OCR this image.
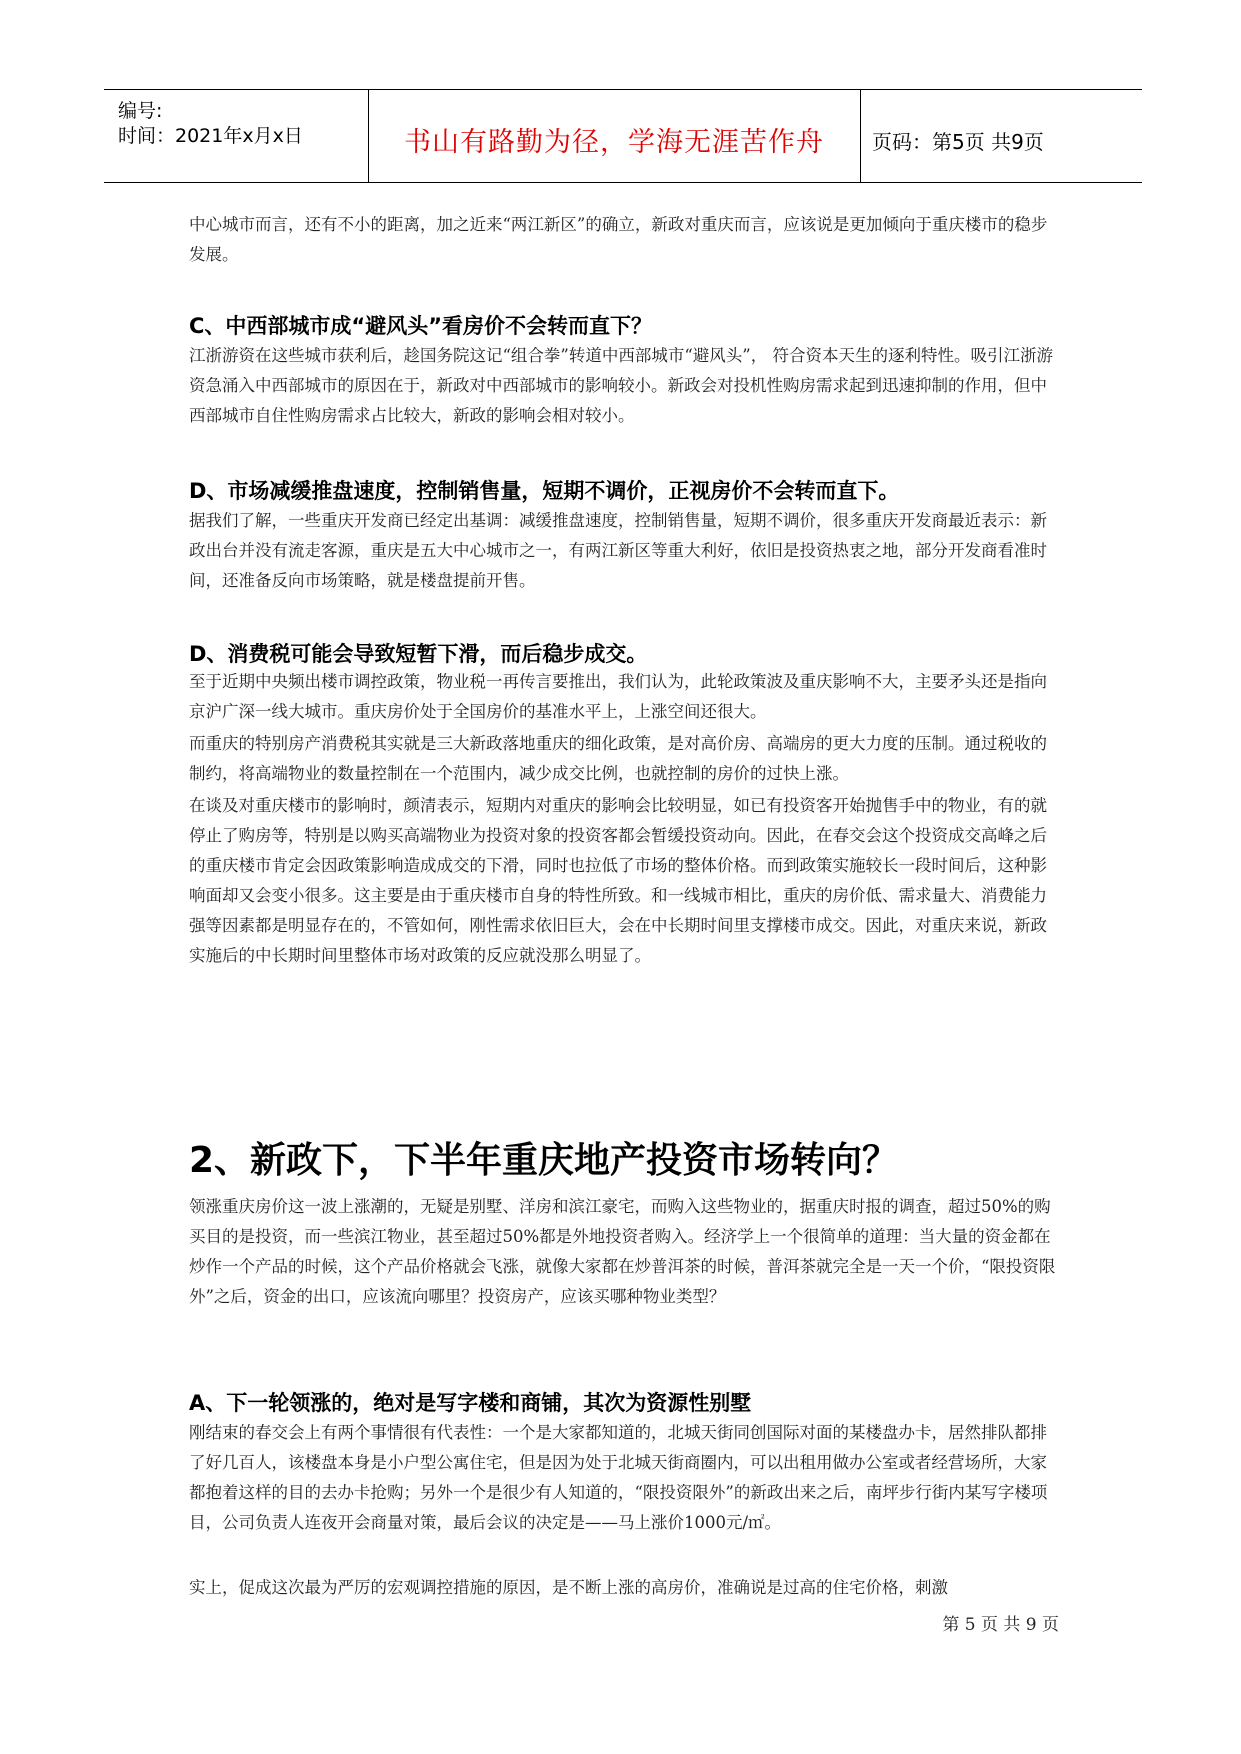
编号:
时间：2021年x月x日	书山有路勤为径，学海无涯苦作舟	页码：第5页 共9页

中心城市而言，还有不小的距离，加之近来“两江新区”的确立，新政对重庆而言，应该说是更加倾向于重庆楼市的稳步发展。

C、中西部城市成“避风头”看房价不会转而直下？

江浙游资在这些城市获利后，趁国务院这记“组合拳”转道中西部城市“避风头”， 符合资本天生的逐利特性。吸引江浙游资急涌入中西部城市的原因在于，新政对中西部城市的影响较小。新政会对投机性购房需求起到迅速抑制的作用，但中西部城市自住性购房需求占比较大，新政的影响会相对较小。

D、市场减缓推盘速度，控制销售量，短期不调价，正视房价不会转而直下。

据我们了解，一些重庆开发商已经定出基调：减缓推盘速度，控制销售量，短期不调价，很多重庆开发商最近表示：新政出台并没有流走客源，重庆是五大中心城市之一，有两江新区等重大利好，依旧是投资热衷之地，部分开发商看准时间，还准备反向市场策略，就是楼盘提前开售。

D、消费税可能会导致短暂下滑，而后稳步成交。

至于近期中央频出楼市调控政策，物业税一再传言要推出，我们认为，此轮政策波及重庆影响不大，主要矛头还是指向京沪广深一线大城市。重庆房价处于全国房价的基准水平上，上涨空间还很大。

而重庆的特别房产消费税其实就是三大新政落地重庆的细化政策，是对高价房、高端房的更大力度的压制。通过税收的制约，将高端物业的数量控制在一个范围内，减少成交比例，也就控制的房价的过快上涨。

在谈及对重庆楼市的影响时，颜清表示，短期内对重庆的影响会比较明显，如已有投资客开始抛售手中的物业，有的就停止了购房等，特别是以购买高端物业为投资对象的投资客都会暂缓投资动向。因此，在春交会这个投资成交高峰之后的重庆楼市肯定会因政策影响造成成交的下滑，同时也拉低了市场的整体价格。而到政策实施较长一段时间后，这种影响面却又会变小很多。这主要是由于重庆楼市自身的特性所致。和一线城市相比，重庆的房价低、需求量大、消费能力强等因素都是明显存在的，不管如何，刚性需求依旧巨大，会在中长期时间里支撑楼市成交。因此，对重庆来说，新政实施后的中长期时间里整体市场对政策的反应就没那么明显了。

2、新政下，下半年重庆地产投资市场转向？

领涨重庆房价这一波上涨潮的，无疑是别墅、洋房和滨江豪宅，而购入这些物业的，据重庆时报的调查，超过50%的购买目的是投资，而一些滨江物业，甚至超过50%都是外地投资者购入。经济学上一个很简单的道理：当大量的资金都在炒作一个产品的时候，这个产品价格就会飞涨，就像大家都在炒普洱茶的时候，普洱茶就完全是一天一个价，“限投资限外”之后，资金的出口，应该流向哪里？投资房产，应该买哪种物业类型？

A、下一轮领涨的，绝对是写字楼和商铺，其次为资源性别墅

刚结束的春交会上有两个事情很有代表性：一个是大家都知道的，北城天街同创国际对面的某楼盘办卡，居然排队都排了好几百人，该楼盘本身是小户型公寓住宅，但是因为处于北城天街商圈内，可以出租用做办公室或者经营场所，大家都抱着这样的目的去办卡抢购；另外一个是很少有人知道的，“限投资限外”的新政出来之后，南坪步行街内某写字楼项目，公司负责人连夜开会商量对策，最后会议的决定是——马上涨价1000元/㎡。

实上，促成这次最为严厉的宏观调控措施的原因，是不断上涨的高房价，准确说是过高的住宅价格，刺激

第 5 页 共 9 页
